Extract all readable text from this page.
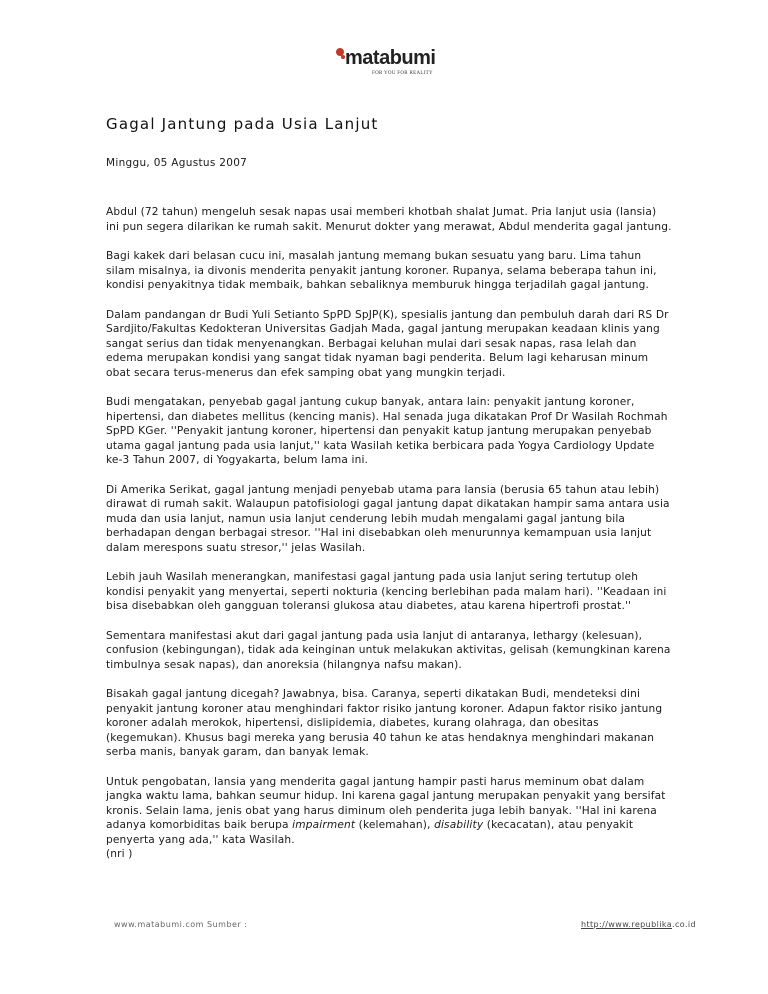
matabumi
FOR YOU FOR REALITY
Gagal Jantung pada Usia Lanjut
Minggu, 05 Agustus 2007

Abdul (72 tahun) mengeluh sesak napas usai memberi khotbah shalat Jumat. Pria lanjut usia (lansia) ini pun segera dilarikan ke rumah sakit. Menurut dokter yang merawat, Abdul menderita gagal jantung.

Bagi kakek dari belasan cucu ini, masalah jantung memang bukan sesuatu yang baru. Lima tahun silam misalnya, ia divonis menderita penyakit jantung koroner. Rupanya, selama beberapa tahun ini, kondisi penyakitnya tidak membaik, bahkan sebaliknya memburuk hingga terjadilah gagal jantung.

Dalam pandangan dr Budi Yuli Setianto SpPD SpJP(K), spesialis jantung dan pembuluh darah dari RS Dr Sardjito/Fakultas Kedokteran Universitas Gadjah Mada, gagal jantung merupakan keadaan klinis yang sangat serius dan tidak menyenangkan. Berbagai keluhan mulai dari sesak napas, rasa lelah dan edema merupakan kondisi yang sangat tidak nyaman bagi penderita. Belum lagi keharusan minum obat secara terus-menerus dan efek samping obat yang mungkin terjadi.

Budi mengatakan, penyebab gagal jantung cukup banyak, antara lain: penyakit jantung koroner, hipertensi, dan diabetes mellitus (kencing manis). Hal senada juga dikatakan Prof Dr Wasilah Rochmah SpPD KGer. ''Penyakit jantung koroner, hipertensi dan penyakit katup jantung merupakan penyebab utama gagal jantung pada usia lanjut,'' kata Wasilah ketika berbicara pada Yogya Cardiology Update ke-3 Tahun 2007, di Yogyakarta, belum lama ini.

Di Amerika Serikat, gagal jantung menjadi penyebab utama para lansia (berusia 65 tahun atau lebih) dirawat di rumah sakit. Walaupun patofisiologi gagal jantung dapat dikatakan hampir sama antara usia muda dan usia lanjut, namun usia lanjut cenderung lebih mudah mengalami gagal jantung bila berhadapan dengan berbagai stresor. ''Hal ini disebabkan oleh menurunnya kemampuan usia lanjut dalam merespons suatu stresor,'' jelas Wasilah.

Lebih jauh Wasilah menerangkan, manifestasi gagal jantung pada usia lanjut sering tertutup oleh kondisi penyakit yang menyertai, seperti nokturia (kencing berlebihan pada malam hari). ''Keadaan ini bisa disebabkan oleh gangguan toleransi glukosa atau diabetes, atau karena hipertrofi prostat.''

Sementara manifestasi akut dari gagal jantung pada usia lanjut di antaranya, lethargy (kelesuan), confusion (kebingungan), tidak ada keinginan untuk melakukan aktivitas, gelisah (kemungkinan karena timbulnya sesak napas), dan anoreksia (hilangnya nafsu makan).

Bisakah gagal jantung dicegah? Jawabnya, bisa. Caranya, seperti dikatakan Budi, mendeteksi dini penyakit jantung koroner atau menghindari faktor risiko jantung koroner. Adapun faktor risiko jantung koroner adalah merokok, hipertensi, dislipidemia, diabetes, kurang olahraga, dan obesitas (kegemukan). Khusus bagi mereka yang berusia 40 tahun ke atas hendaknya menghindari makanan serba manis, banyak garam, dan banyak lemak.

Untuk pengobatan, lansia yang menderita gagal jantung hampir pasti harus meminum obat dalam jangka waktu lama, bahkan seumur hidup. Ini karena gagal jantung merupakan penyakit yang bersifat kronis. Selain lama, jenis obat yang harus diminum oleh penderita juga lebih banyak. ''Hal ini karena adanya komorbiditas baik berupa impairment (kelemahan), disability (kecacatan), atau penyakit penyerta yang ada,'' kata Wasilah.
(nri )

www.matabumi.com Sumber :	http://www.republika.co.id
